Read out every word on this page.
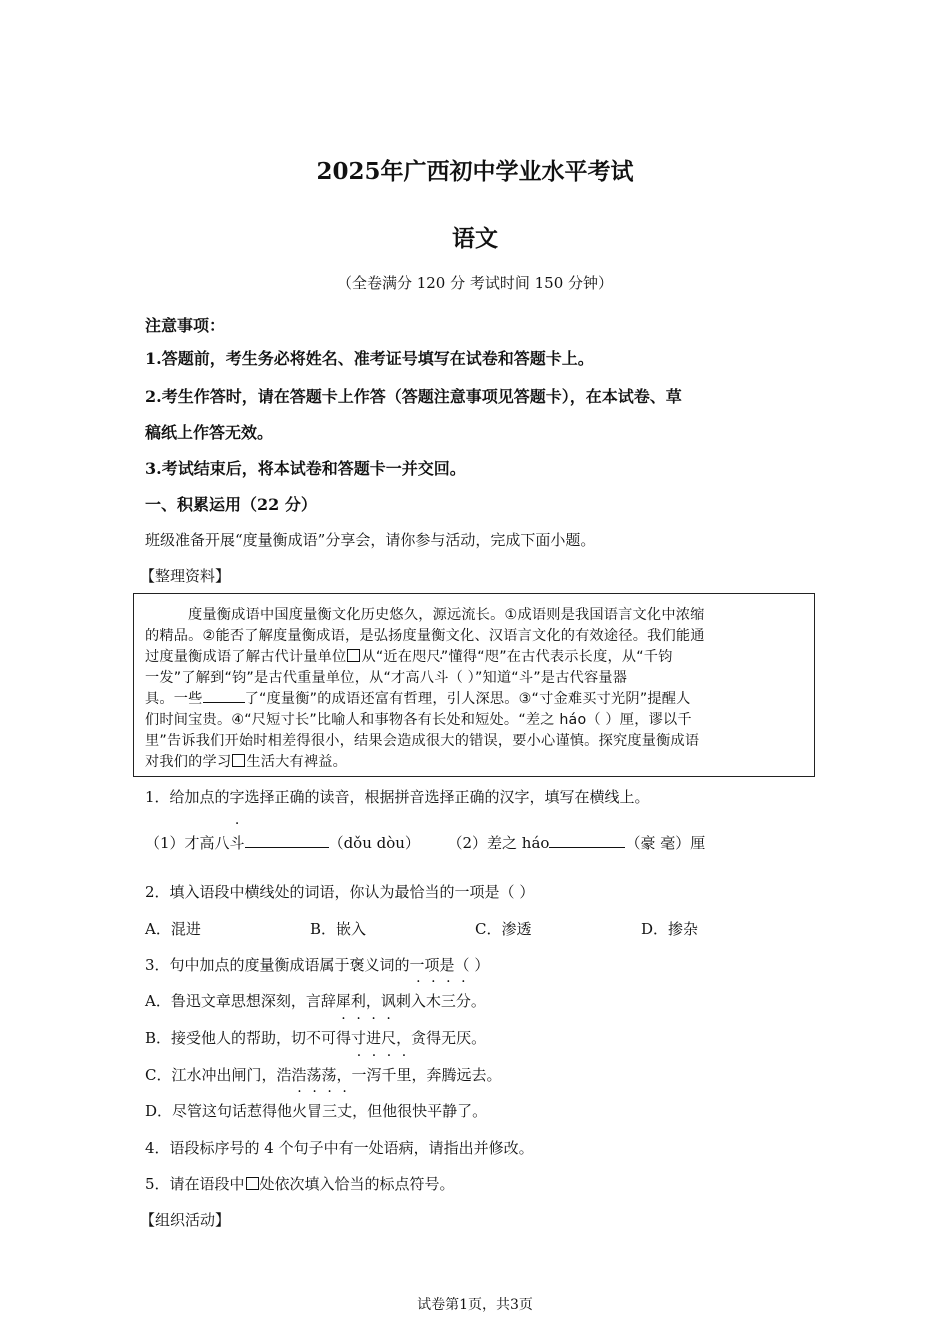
2025年广西初中学业水平考试
语文
（全卷满分 120 分 考试时间 150 分钟）
注意事项：
1.答题前，考生务必将姓名、准考证号填写在试卷和答题卡上。
2.考生作答时，请在答题卡上作答（答题注意事项见答题卡），在本试卷、草
稿纸上作答无效。
3.考试结束后，将本试卷和答题卡一并交回。
一、积累运用（22 分）
班级准备开展“度量衡成语”分享会，请你参与活动，完成下面小题。
【整理资料】
度量衡成语中国度量衡文化历史悠久，源远流长。①成语则是我国语言文化中浓缩
的精品。②能否了解度量衡成语，是弘扬度量衡文化、汉语言文化的有效途径。我们能通
过度量衡成语了解古代计量单位 从“近在咫尺”懂得“咫”在古代表示长度，从“千钧
一发”了解到“钧”是古代重量单位，从“才高八斗（ ）”知道“斗”是古代容量器
具。一些	了“度量衡”的成语还富有哲理，引人深思。③“寸金难买寸光阴”提醒人
们时间宝贵。④“尺短寸长”比喻人和事物各有长处和短处。“差之 háo（ ）厘，谬以千
里”告诉我们开始时相差得很小，结果会造成很大的错误，要小心谨慎。探究度量衡成语
对我们的学习 生活大有裨益。
1．给加点的字选择正确的读音，根据拼音选择正确的汉字，填写在横线上。
（1）才高八斗	（dǒu dòu） （2）差之 háo	（豪 毫）厘
2．填入语段中横线处的词语，你认为最恰当的一项是（ ）
A．混进	B．嵌入	C．渗透	D．掺杂
3．句中加点的度量衡成语属于褒义词的一项是（ ）
A．鲁迅文章思想深刻，言辞犀利，讽刺入木三分。
B．接受他人的帮助，切不可得寸进尺，贪得无厌。
C．江水冲出闸门，浩浩荡荡，一泻千里，奔腾远去。
D．尽管这句话惹得他火冒三丈，但他很快平静了。
4．语段标序号的 4 个句子中有一处语病，请指出并修改。
5．请在语段中 处依次填入恰当的标点符号。
【组织活动】
试卷第1页，共3页
